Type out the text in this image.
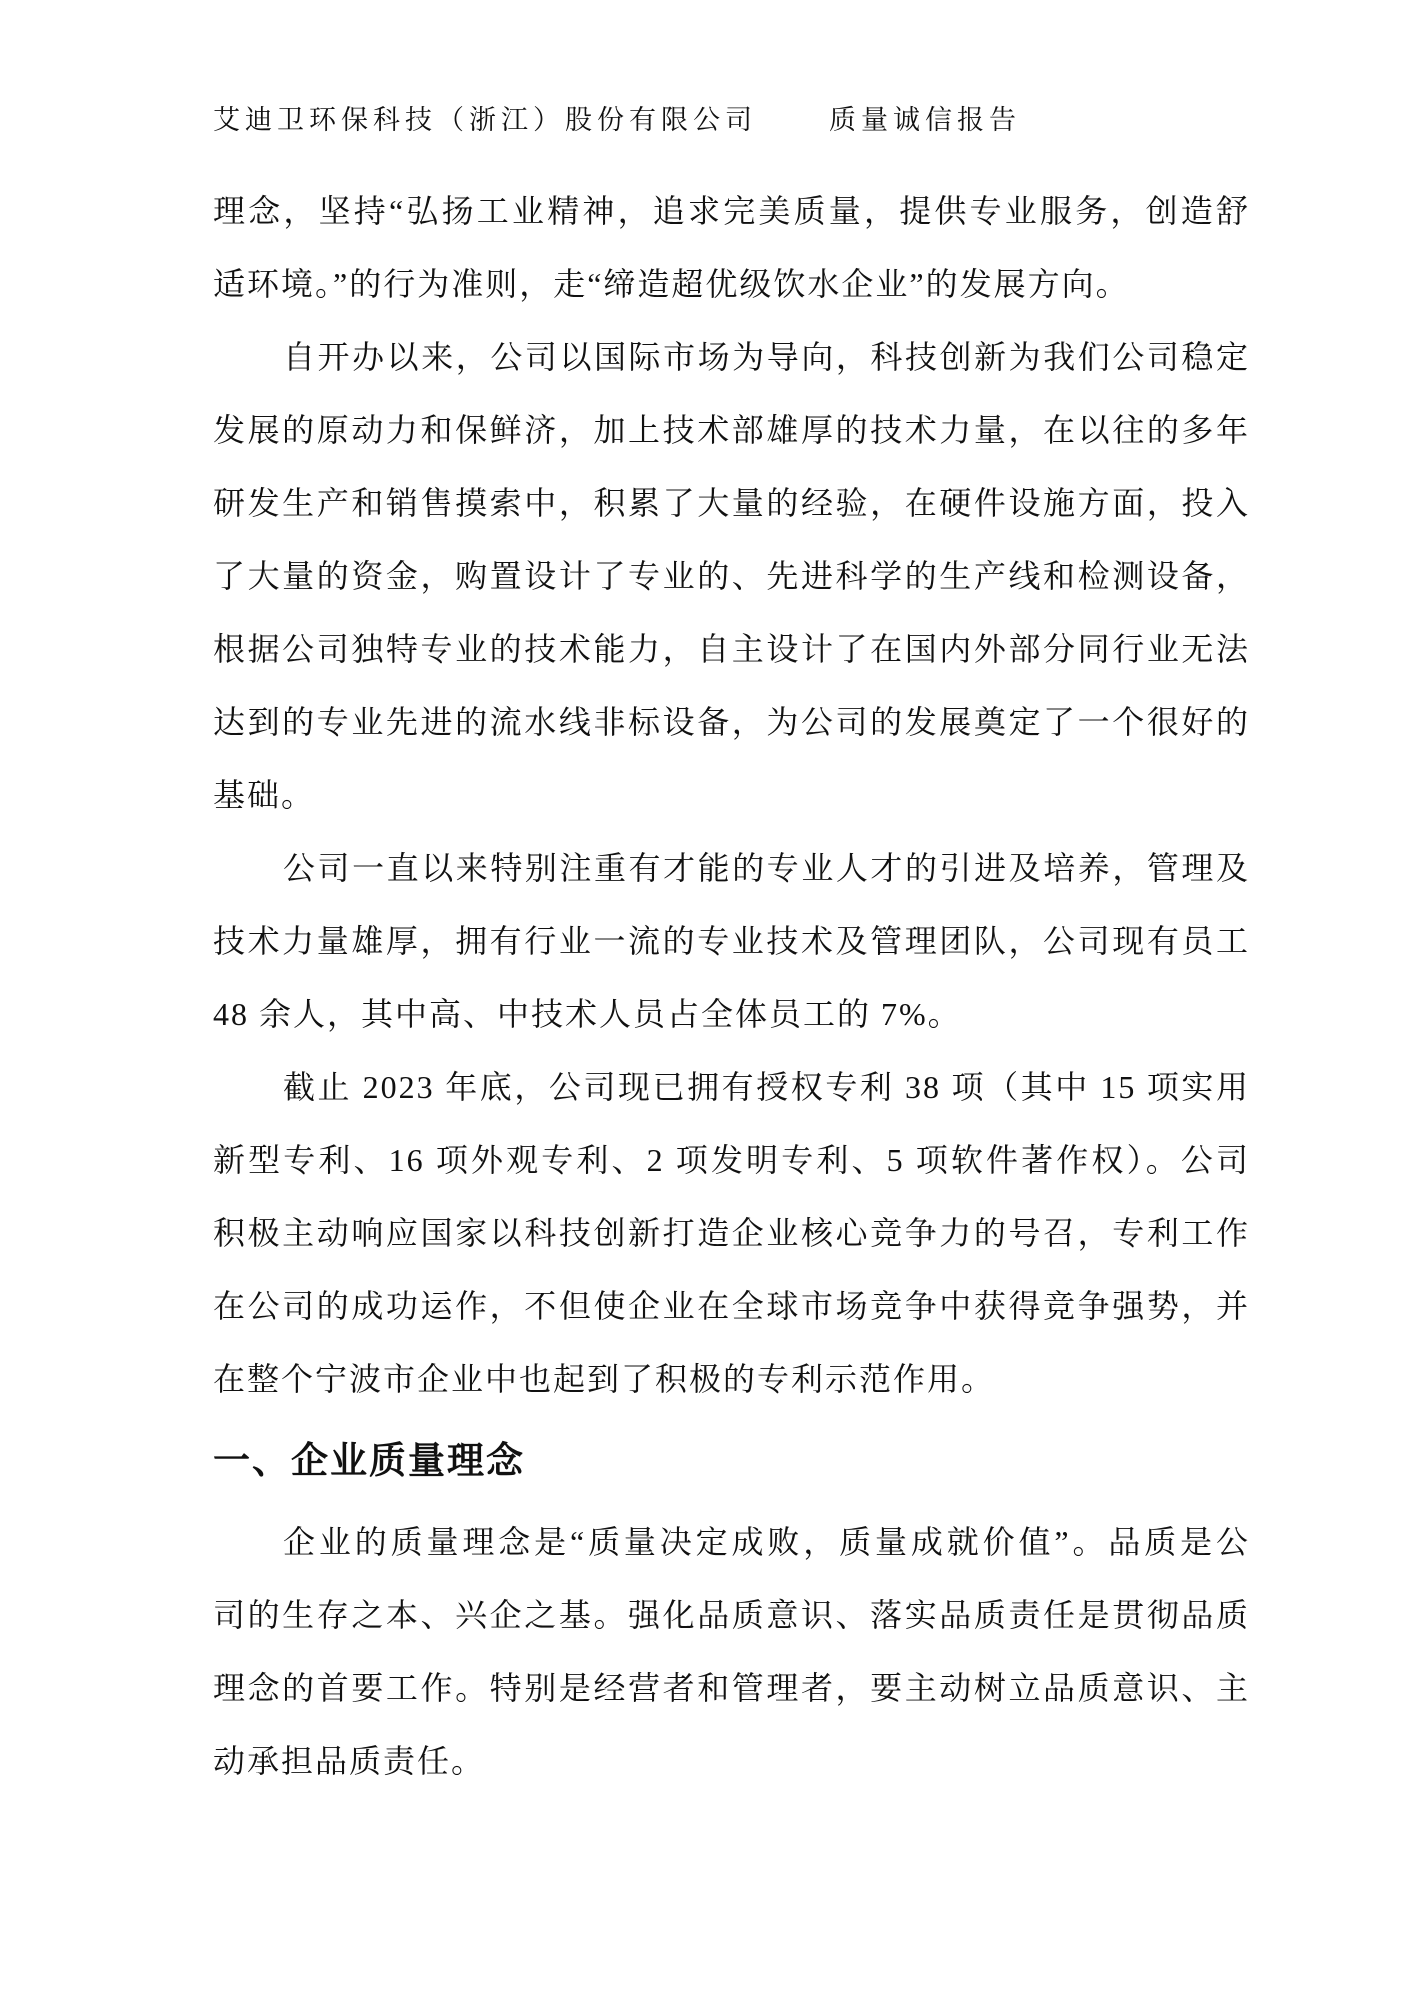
艾迪卫环保科技（浙江）股份有限公司	质量诚信报告
理念，坚持“弘扬工业精神，追求完美质量，提供专业服务，创造舒
适环境。”的行为准则，走“缔造超优级饮水企业”的发展方向。
自开办以来，公司以国际市场为导向，科技创新为我们公司稳定
发展的原动力和保鲜济，加上技术部雄厚的技术力量，在以往的多年
研发生产和销售摸索中，积累了大量的经验，在硬件设施方面，投入
了大量的资金，购置设计了专业的、先进科学的生产线和检测设备，
根据公司独特专业的技术能力，自主设计了在国内外部分同行业无法
达到的专业先进的流水线非标设备，为公司的发展奠定了一个很好的
基础。
公司一直以来特别注重有才能的专业人才的引进及培养，管理及
技术力量雄厚，拥有行业一流的专业技术及管理团队，公司现有员工
48 余人，其中高、中技术人员占全体员工的 7%。
截止 2023 年底，公司现已拥有授权专利 38 项（其中 15 项实用
新型专利、16 项外观专利、2 项发明专利、5 项软件著作权）。公司
积极主动响应国家以科技创新打造企业核心竞争力的号召，专利工作
在公司的成功运作，不但使企业在全球市场竞争中获得竞争强势，并
在整个宁波市企业中也起到了积极的专利示范作用。
一、企业质量理念
企业的质量理念是“质量决定成败，质量成就价值”。品质是公
司的生存之本、兴企之基。强化品质意识、落实品质责任是贯彻品质
理念的首要工作。特别是经营者和管理者，要主动树立品质意识、主
动承担品质责任。
